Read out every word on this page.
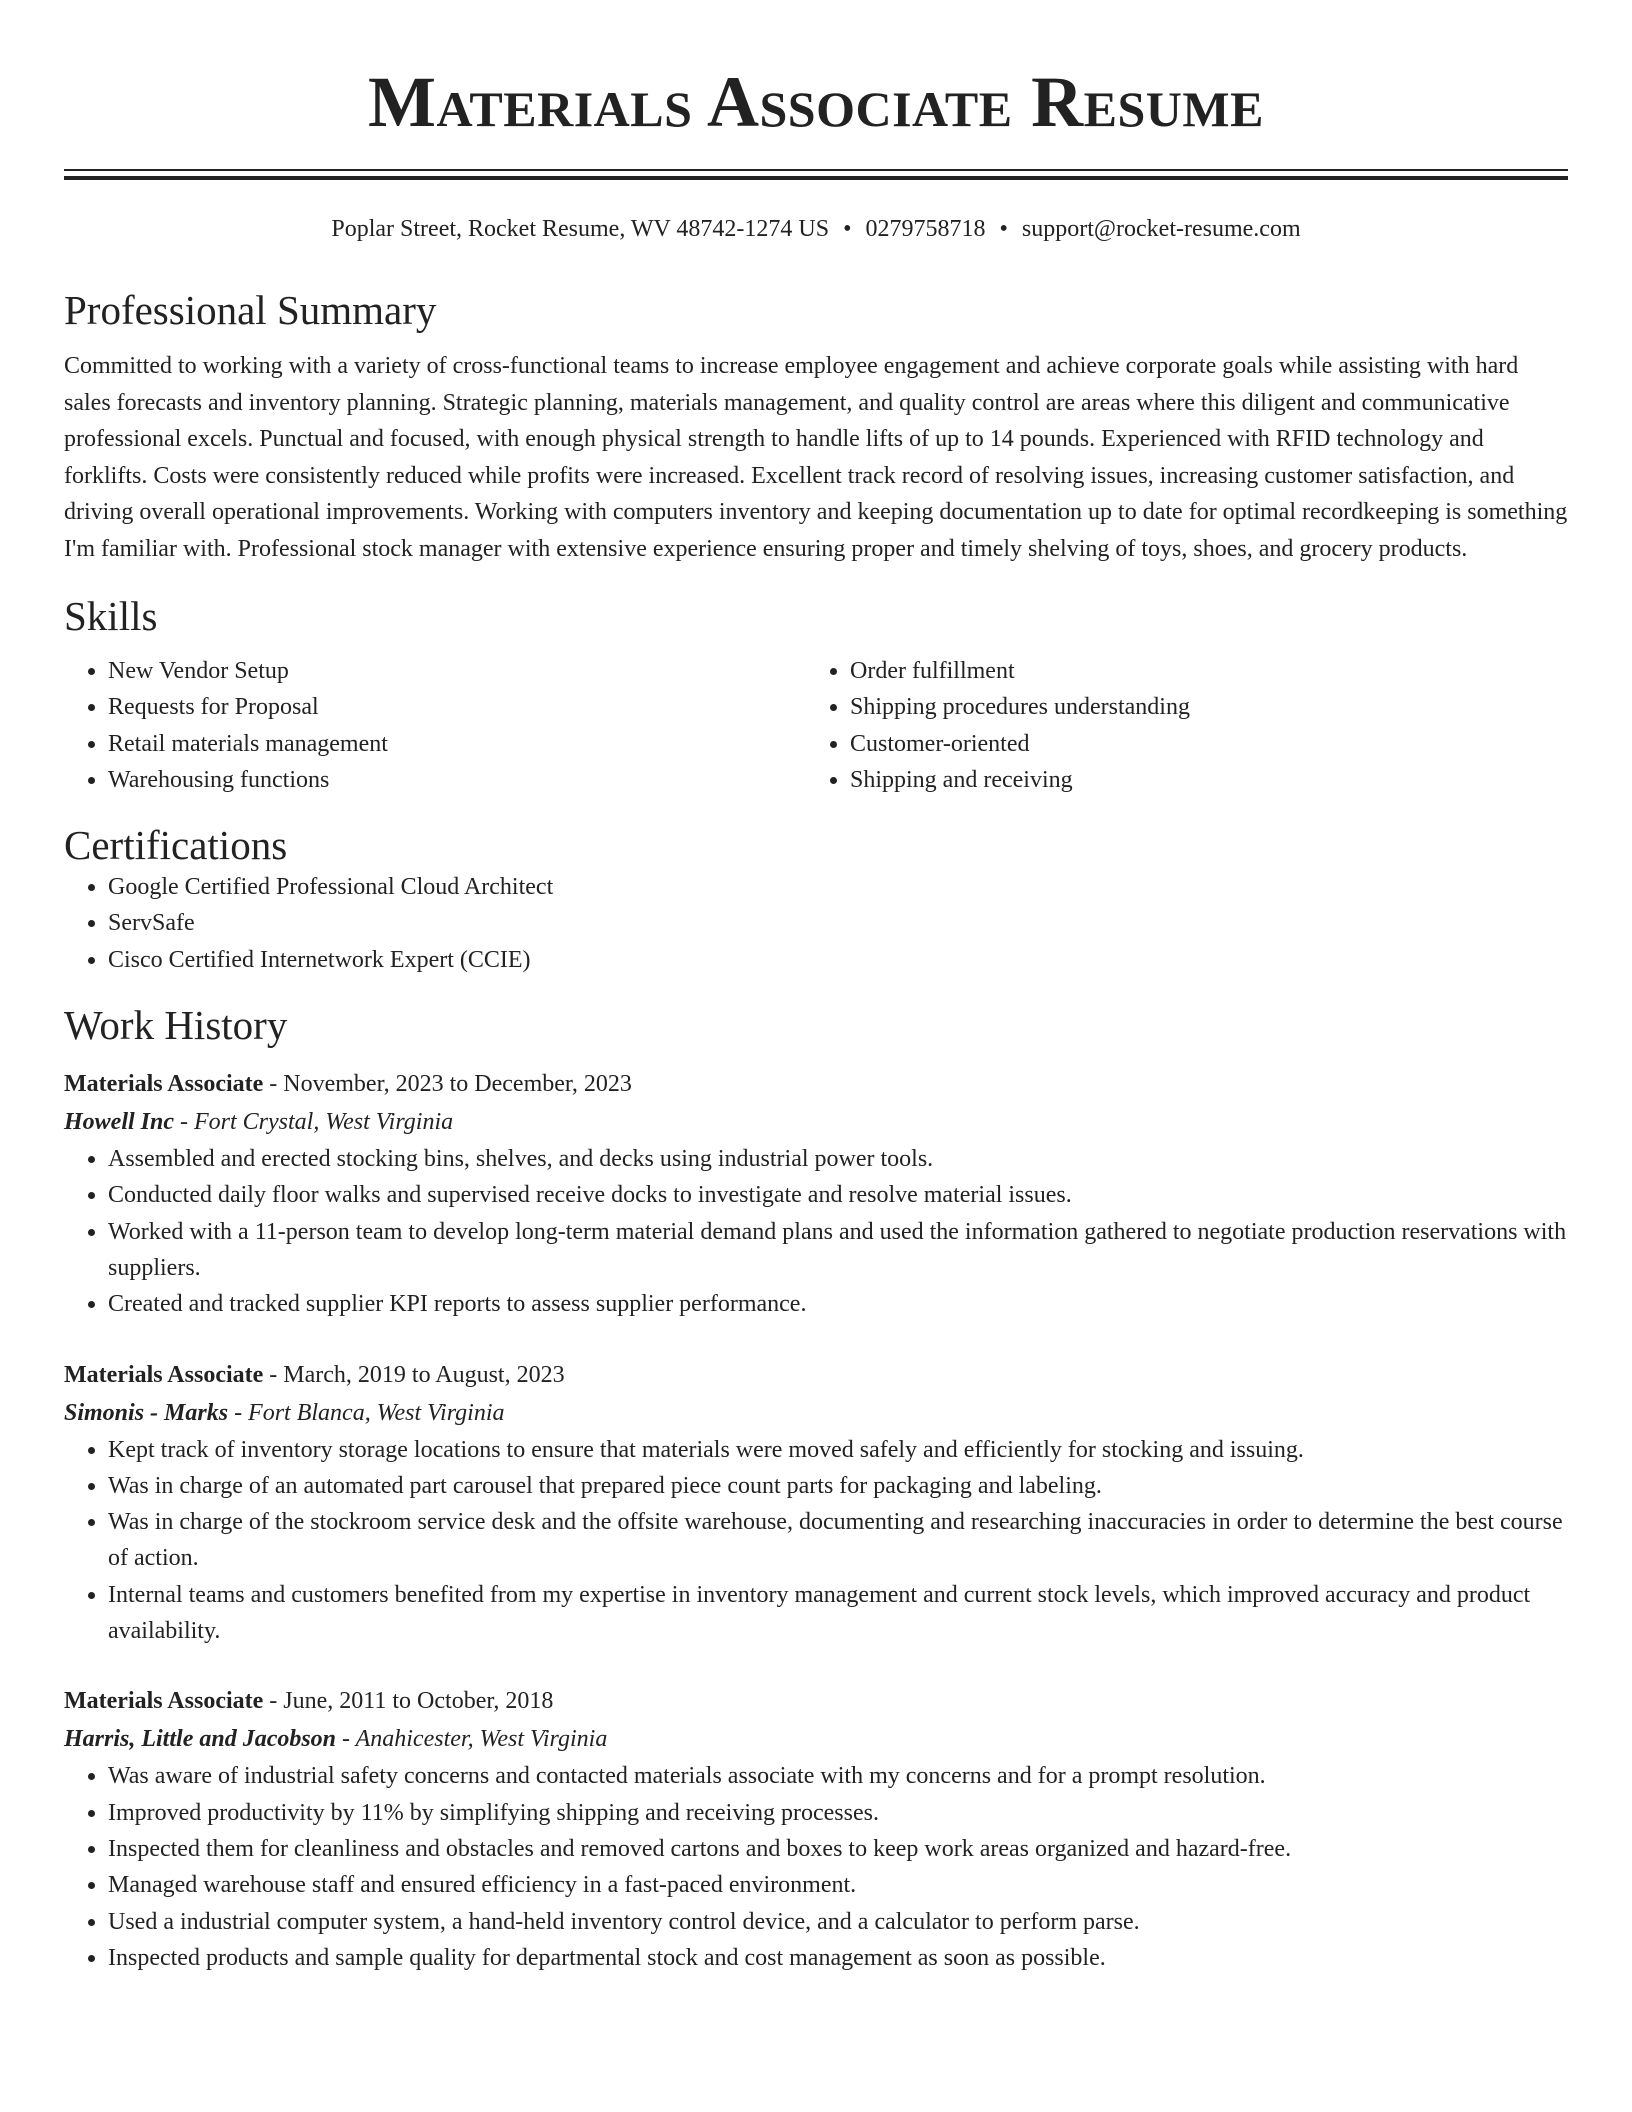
Materials Associate Resume
Poplar Street, Rocket Resume, WV 48742-1274 US • 0279758718 • support@rocket-resume.com
Professional Summary
Committed to working with a variety of cross-functional teams to increase employee engagement and achieve corporate goals while assisting with hard sales forecasts and inventory planning. Strategic planning, materials management, and quality control are areas where this diligent and communicative professional excels. Punctual and focused, with enough physical strength to handle lifts of up to 14 pounds. Experienced with RFID technology and forklifts. Costs were consistently reduced while profits were increased. Excellent track record of resolving issues, increasing customer satisfaction, and driving overall operational improvements. Working with computers inventory and keeping documentation up to date for optimal recordkeeping is something I'm familiar with. Professional stock manager with extensive experience ensuring proper and timely shelving of toys, shoes, and grocery products.
Skills
• New Vendor Setup
• Requests for Proposal
• Retail materials management
• Warehousing functions
• Order fulfillment
• Shipping procedures understanding
• Customer-oriented
• Shipping and receiving
Certifications
• Google Certified Professional Cloud Architect
• ServSafe
• Cisco Certified Internetwork Expert (CCIE)
Work History
Materials Associate - November, 2023 to December, 2023
Howell Inc - Fort Crystal, West Virginia
• Assembled and erected stocking bins, shelves, and decks using industrial power tools.
• Conducted daily floor walks and supervised receive docks to investigate and resolve material issues.
• Worked with a 11-person team to develop long-term material demand plans and used the information gathered to negotiate production reservations with suppliers.
• Created and tracked supplier KPI reports to assess supplier performance.
Materials Associate - March, 2019 to August, 2023
Simonis - Marks - Fort Blanca, West Virginia
• Kept track of inventory storage locations to ensure that materials were moved safely and efficiently for stocking and issuing.
• Was in charge of an automated part carousel that prepared piece count parts for packaging and labeling.
• Was in charge of the stockroom service desk and the offsite warehouse, documenting and researching inaccuracies in order to determine the best course of action.
• Internal teams and customers benefited from my expertise in inventory management and current stock levels, which improved accuracy and product availability.
Materials Associate - June, 2011 to October, 2018
Harris, Little and Jacobson - Anahicester, West Virginia
• Was aware of industrial safety concerns and contacted materials associate with my concerns and for a prompt resolution.
• Improved productivity by 11% by simplifying shipping and receiving processes.
• Inspected them for cleanliness and obstacles and removed cartons and boxes to keep work areas organized and hazard-free.
• Managed warehouse staff and ensured efficiency in a fast-paced environment.
• Used a industrial computer system, a hand-held inventory control device, and a calculator to perform parse.
• Inspected products and sample quality for departmental stock and cost management as soon as possible.
